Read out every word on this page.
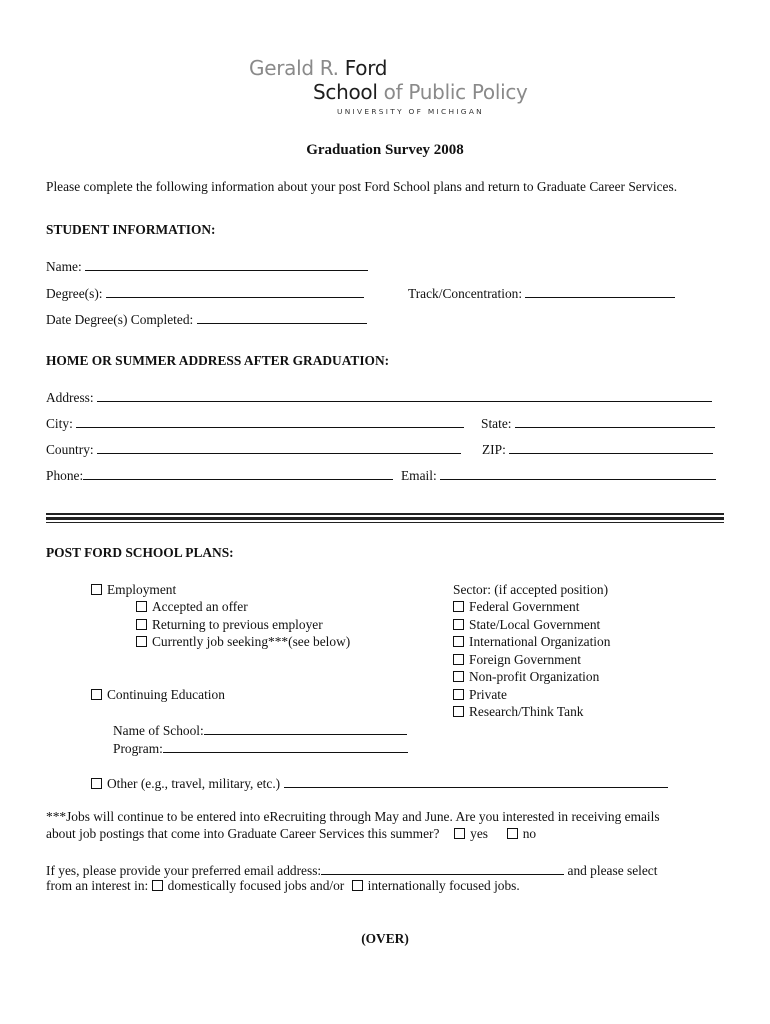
Gerald R. Ford
School of Public Policy
UNIVERSITY OF MICHIGAN
Graduation Survey 2008
Please complete the following information about your post Ford School plans and return to Graduate Career Services.
STUDENT INFORMATION:
Name:
Degree(s):	Track/Concentration:
Date Degree(s) Completed:
HOME OR SUMMER ADDRESS AFTER GRADUATION:
Address:
City:	State:
Country:	ZIP:
Phone:	Email:
POST FORD SCHOOL PLANS:
Employment
Accepted an offer
Returning to previous employer
Currently job seeking***(see below)
Continuing Education
Name of School:
Program:
Sector: (if accepted position)
Federal Government
State/Local Government
International Organization
Foreign Government
Non-profit Organization
Private
Research/Think Tank
Other (e.g., travel, military, etc.)
***Jobs will continue to be entered into eRecruiting through May and June. Are you interested in receiving emails
about job postings that come into Graduate Career Services this summer? yes	no
If yes, please provide your preferred email address:	and please select
from an interest in: domestically focused jobs and/or internationally focused jobs.
(OVER)
